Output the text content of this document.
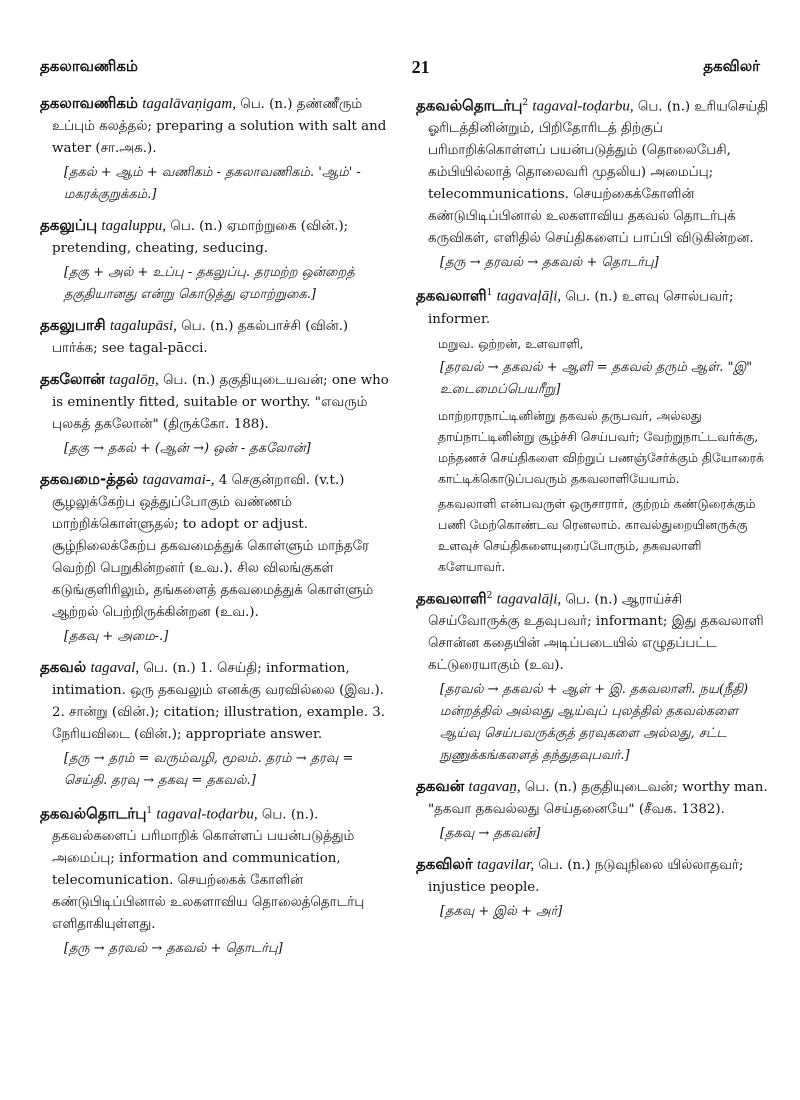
தகலாவணிகம்	21	தகவிலர்

தகலாவணிகம் tagalāvaṇigam, பெ. (n.) தண்ணீரும் உப்பும் கலத்தல்; preparing a solution with salt and water (சா.அக.).

[தகல் + ஆம் + வணிகம் - தகலாவணிகம். 'ஆம்' - மகரக்குறுக்கம்.]

தகலுப்பு tagaluppu, பெ. (n.) ஏமாற்றுகை (வின்.); pretending, cheating, seducing.

[தகு + அல் + உப்பு - தகலுப்பு. தரமற்ற ஒன்றைத் தகுதியானது என்று கொடுத்து ஏமாற்றுகை.]

தகலுபாசி tagalupāsi, பெ. (n.) தகல்பாச்சி (வின்.) பார்க்க; see tagal-pācci.

தகலோன் tagalōṉ, பெ. (n.) தகுதியுடையவன்; one who is eminently fitted, suitable or worthy. "எவரும் புலகத் தகலோன்" (திருக்கோ. 188).

[தகு → தகல் + (ஆன் →) ஒன் - தகலோன்]

தகவமை-த்தல் tagavamai-, 4 செகுன்றாவி. (v.t.) சூழலுக்கேற்ப ஒத்துப்போகும் வண்ணம் மாற்றிக்கொள்ளுதல்; to adopt or adjust. சூழ்நிலைக்கேற்ப தகவமைத்துக் கொள்ளும் மாந்தரே வெற்றி பெறுகின்றனர் (உவ.). சில விலங்குகள் கடுங்குளிரிலும், தங்களைத் தகவமைத்துக் கொள்ளும் ஆற்றல் பெற்றிருக்கின்றன (உவ.).

[தகவு + அமை-.]

தகவல் tagaval, பெ. (n.) 1. செய்தி; information, intimation. ஒரு தகவலும் எனக்கு வரவில்லை (இவ.). 2. சான்று (வின்.); citation; illustration, example. 3. நேரியவிடை (வின்.); appropriate answer.

[தரு → தரம் = வரும்வழி, மூலம். தரம் → தரவு = செய்தி. தரவு → தகவு = தகவல்.]

தகவல்தொடர்பு$^1$ tagaval-toḍarbu, பெ. (n.). தகவல்களைப் பரிமாறிக் கொள்ளப் பயன்படுத்தும் அமைப்பு; information and communication, telecomunication. செயற்கைக் கோளின் கண்டுபிடிப்பினால் உலகளாவிய தொலைத்தொடர்பு எளிதாகியுள்ளது.

[தரு → தரவல் → தகவல் + தொடர்பு]

தகவல்தொடர்பு$^2$ tagaval-toḍarbu, பெ. (n.) உரியசெய்தி ஓரிடத்தினின்றும், பிறிதோரிடத் திற்குப் பரிமாறிக்கொள்ளப் பயன்படுத்தும் (தொலைபேசி, கம்பியில்லாத் தொலைவரி முதலிய) அமைப்பு; telecommunications. செயற்கைக்கோளின் கண்டுபிடிப்பினால் உலகளாவிய தகவல் தொடர்புக் கருவிகள், எளிதில் செய்திகளைப் பாப்பி விடுகின்றன.

[தரு → தரவல் → தகவல் + தொடர்பு]

தகவலாளி$^1$ tagavaḷāḷi, பெ. (n.) உளவு சொல்பவர்; informer.

மறுவ. ஒற்றன், உளவாளி,

[தரவல் → தகவல் + ஆளி = தகவல் தரும் ஆள். "இ" உடைமைப்பெயரீறு]

மாற்றாரநாட்டினின்று தகவல் தருபவர், அல்லது தாய்நாட்டினின்று சூழ்ச்சி செய்பவர்; வேற்றுநாட்டவர்க்கு, மந்தணச் செய்திகளை விற்றுப் பணஞ்சேர்க்கும் தியோரைக் காட்டிக்கொடுப்பவரும் தகவலாளியேயாம்.

தகவலாளி என்பவருள் ஒருசாரார், குற்றம் கண்டுரைக்கும் பணி மேற்கொண்டவ ரெனலாம். காவல்துறையினருக்கு உளவுச் செய்திகளையுரைப்போரும், தகவலாளி களேயாவர்.

தகவலாளி$^2$ tagavalāḷi, பெ. (n.) ஆராய்ச்சி செய்வோருக்கு உதவுபவர்; informant; இது தகவலாளி சொன்ன கதையின் அடிப்படையில் எழுதப்பட்ட கட்டுரையாகும் (உவ).

[தரவல் → தகவல் + ஆள் + இ. தகவலாளி. நய(நீதி) மன்றத்தில் அல்லது ஆய்வுப் புலத்தில் தகவல்களை ஆய்வு செய்பவருக்குத் தரவுகளை அல்லது, சட்ட நுணுக்கங்களைத் தந்துதவுபவர்.]

தகவன் tagavaṉ, பெ. (n.) தகுதியுடைவன்; worthy man. "தகவா தகவல்லது செய்தனையே" (சீவக. 1382).

[தகவு → தகவன்]

தகவிலர் tagavilar, பெ. (n.) நடுவுநிலை யில்லாதவர்; injustice people.

[தகவு + இல் + அர்]
